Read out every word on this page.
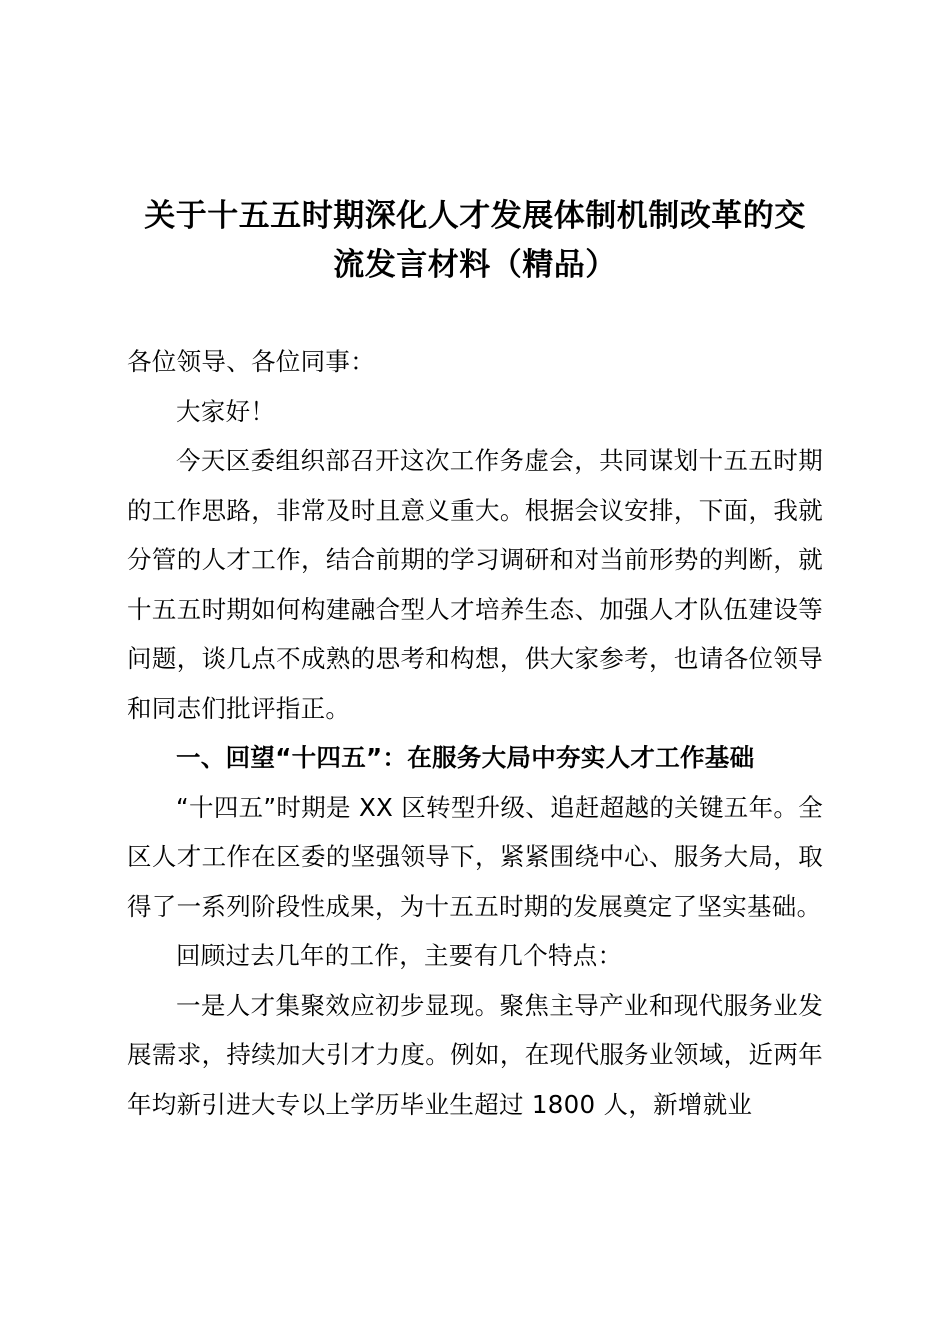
关于十五五时期深化人才发展体制机制改革的交
流发言材料（精品）

各位领导、各位同事：

大家好！

今天区委组织部召开这次工作务虚会，共同谋划十五五时期的工作思路，非常及时且意义重大。根据会议安排，下面，我就分管的人才工作，结合前期的学习调研和对当前形势的判断，就十五五时期如何构建融合型人才培养生态、加强人才队伍建设等问题，谈几点不成熟的思考和构想，供大家参考，也请各位领导和同志们批评指正。

一、回望“十四五”：在服务大局中夯实人才工作基础

“十四五”时期是 XX 区转型升级、追赶超越的关键五年。全区人才工作在区委的坚强领导下，紧紧围绕中心、服务大局，取得了一系列阶段性成果，为十五五时期的发展奠定了坚实基础。

回顾过去几年的工作，主要有几个特点：

一是人才集聚效应初步显现。聚焦主导产业和现代服务业发展需求，持续加大引才力度。例如，在现代服务业领域，近两年年均新引进大专以上学历毕业生超过 1800 人，新增就业
